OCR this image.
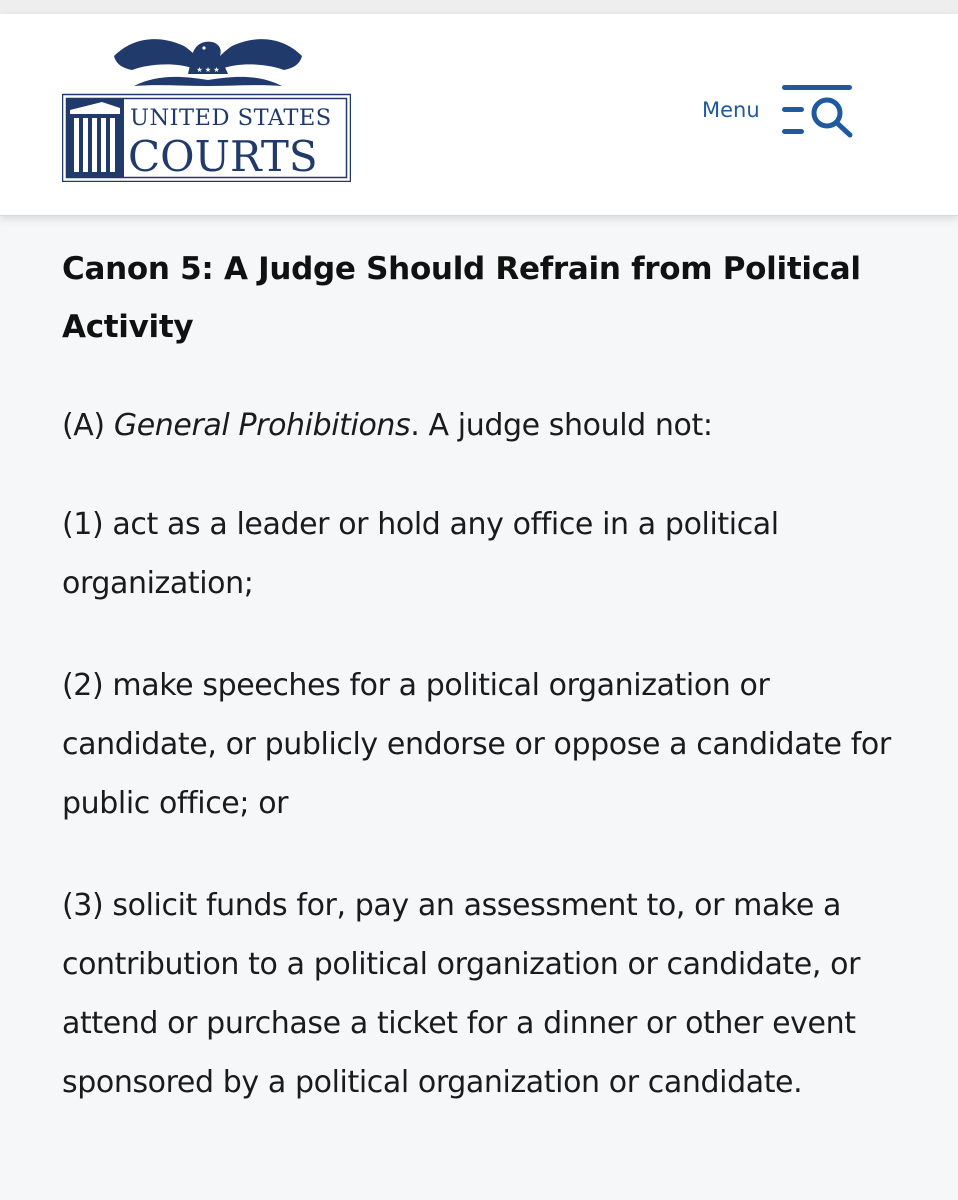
★ ★ ★
UNITED STATES
COURTS
Menu
Canon 5: A Judge Should Refrain from Political Activity

(A) General Prohibitions. A judge should not:

(1) act as a leader or hold any office in a political organization;

(2) make speeches for a political organization or candidate, or publicly endorse or oppose a candidate for public office; or

(3) solicit funds for, pay an assessment to, or make a contribution to a political organization or candidate, or attend or purchase a ticket for a dinner or other event sponsored by a political organization or candidate.
